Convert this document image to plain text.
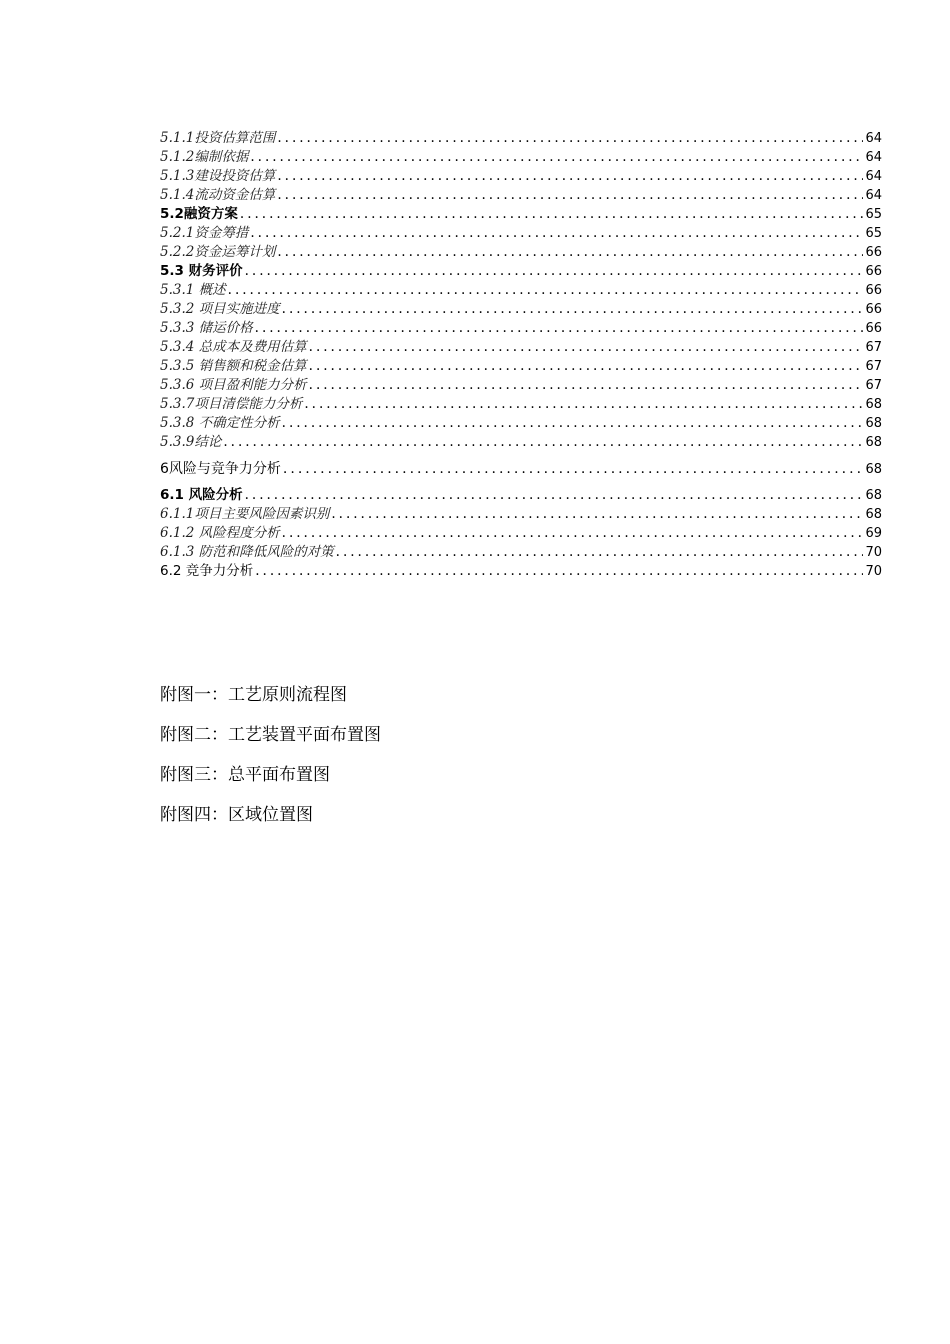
5.1.1投资估算范围 .....	64
5.1.2编制依据 .....	64
5.1.3建设投资估算 .....	64
5.1.4流动资金估算 .....	64
5.2融资方案 .....	65
5.2.1资金筹措 .....	65
5.2.2资金运筹计划 .....	66
5.3 财务评价 .....	66
5.3.1 概述 .....	66
5.3.2 项目实施进度 .....	66
5.3.3 储运价格 .....	66
5.3.4 总成本及费用估算 .....	67
5.3.5 销售额和税金估算 .....	67
5.3.6 项目盈利能力分析 .....	67
5.3.7项目清偿能力分析 .....	68
5.3.8 不确定性分析 .....	68
5.3.9结论 .....	68
6风险与竞争力分析 .....	68
6.1 风险分析 .....	68
6.1.1项目主要风险因素识别 .....	68
6.1.2 风险程度分析 .....	69
6.1.3 防范和降低风险的对策 .....	70
6.2 竞争力分析 .....	70
附图一：工艺原则流程图
附图二：工艺装置平面布置图
附图三：总平面布置图
附图四：区域位置图
